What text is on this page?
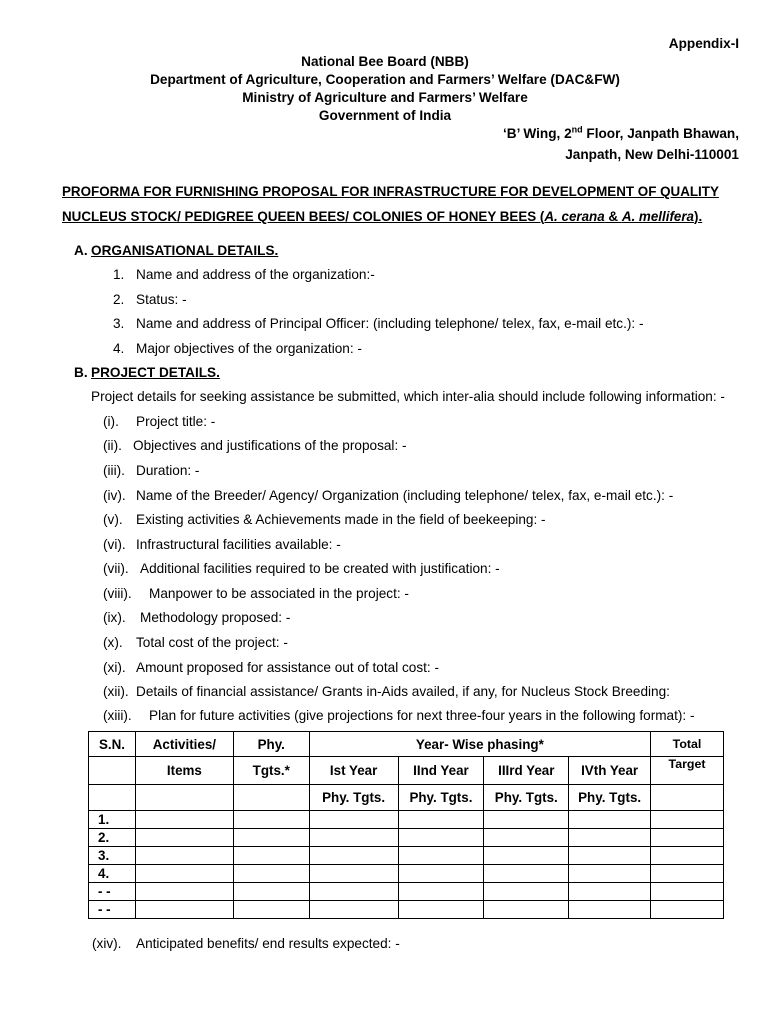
Appendix-I
National Bee Board (NBB)
Department of Agriculture, Cooperation and Farmers’ Welfare (DAC&FW)
Ministry of Agriculture and Farmers’ Welfare
Government of India
‘B’ Wing, 2nd Floor, Janpath Bhawan,
Janpath, New Delhi-110001
PROFORMA FOR FURNISHING PROPOSAL FOR INFRASTRUCTURE FOR DEVELOPMENT OF QUALITY
NUCLEUS STOCK/ PEDIGREE QUEEN BEES/ COLONIES OF HONEY BEES (A. cerana & A. mellifera).
A. ORGANISATIONAL DETAILS.
1. Name and address of the organization:-
2. Status: -
3. Name and address of Principal Officer: (including telephone/ telex, fax, e-mail etc.): -
4. Major objectives of the organization: -
B. PROJECT DETAILS.
Project details for seeking assistance be submitted, which inter-alia should include following information: -
(i). Project title: -
(ii). Objectives and justifications of the proposal: -
(iii). Duration: -
(iv). Name of the Breeder/ Agency/ Organization (including telephone/ telex, fax, e-mail etc.): -
(v). Existing activities & Achievements made in the field of beekeeping: -
(vi). Infrastructural facilities available: -
(vii). Additional facilities required to be created with justification: -
(viii). Manpower to be associated in the project: -
(ix). Methodology proposed: -
(x). Total cost of the project: -
(xi). Amount proposed for assistance out of total cost: -
(xii). Details of financial assistance/ Grants in-Aids availed, if any, for Nucleus Stock Breeding:
(xiii). Plan for future activities (give projections for next three-four years in the following format): -
S.N.	Activities/	Phy.	Year- Wise phasing*				Total
	Items	Tgts.*	Ist Year	IInd Year	IIIrd Year	IVth Year	Target
			Phy. Tgts.	Phy. Tgts.	Phy. Tgts.	Phy. Tgts.	
1.							
2.							
3.							
4.							
- -							
- -							
(xiv). Anticipated benefits/ end results expected: -
